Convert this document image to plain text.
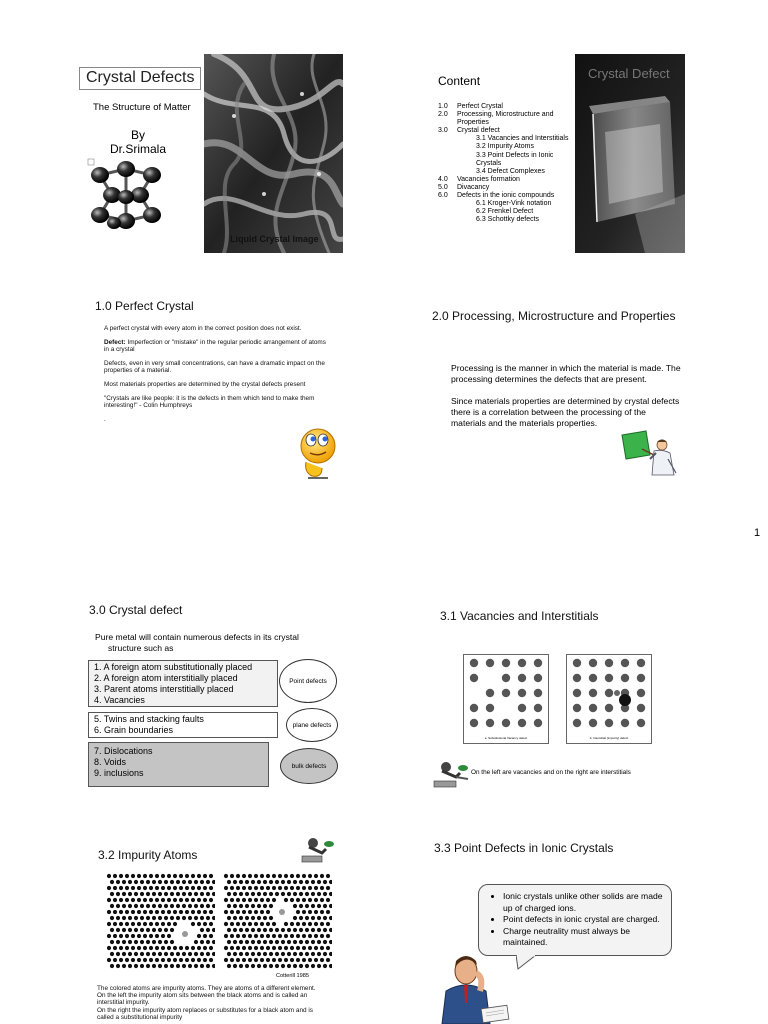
Crystal Defects
The Structure of Matter
By
Dr.Srimala
Liquid Crystal Image
Content
1.0	Perfect Crystal
2.0	Processing, Microstructure and Properties
3.0	Crystal defect
3.1 Vacancies and Interstitials
3.2 Impurity Atoms
3.3 Point Defects in Ionic Crystals
3.4 Defect Complexes
4.0	Vacancies formation
5.0	Divacancy
6.0	Defects in the ionic compounds
6.1 Kroger-Vink notation
6.2 Frenkel Defect
6.3 Schottky defects
Crystal Defect
1.0 Perfect Crystal
A perfect crystal with every atom in the correct position does not exist.
Defect: Imperfection or "mistake" in the regular periodic arrangement of atoms in a crystal
Defects, even in very small concentrations, can have a dramatic impact on the properties of a material.
Most materials properties are determined by the crystal defects present
"Crystals are like people: it is the defects in them which tend to make them interesting!" - Colin Humphreys
.
2.0 Processing, Microstructure and Properties
Processing is the manner in which the material is made. The processing determines the defects that are present.
Since materials properties are determined by crystal defects there is a correlation between the processing of the materials and the materials properties.
1
3.0 Crystal defect
Pure metal will contain numerous defects in its crystal
structure such as
1. A foreign atom substitutionally placed
2. A foreign atom interstitially placed
3. Parent atoms interstitially placed
4. Vacancies
Point defects
5. Twins and stacking faults
6. Grain boundaries	plane defects
7. Dislocations
8. Voids
9. inclusions
bulk defects
3.1 Vacancies and Interstitials
a. Substitutional Vacancy defect	b. Interstitial (impurity) defect
On the left are vacancies and on the right are interstitials
3.2 Impurity Atoms
Cotterill 1985
The colored atoms are impurity atoms. They are atoms of a different element.
On the left the impurity atom sits between the black atoms and is called an interstitial impurity.
On the right the impurity atom replaces or substitutes for a black atom and is called a substitutional impurity
3.3 Point Defects in Ionic Crystals
• Ionic crystals unlike other solids are made up of charged ions.
• Point defects in ionic crystal are charged.
• Charge neutrality must always be maintained.
